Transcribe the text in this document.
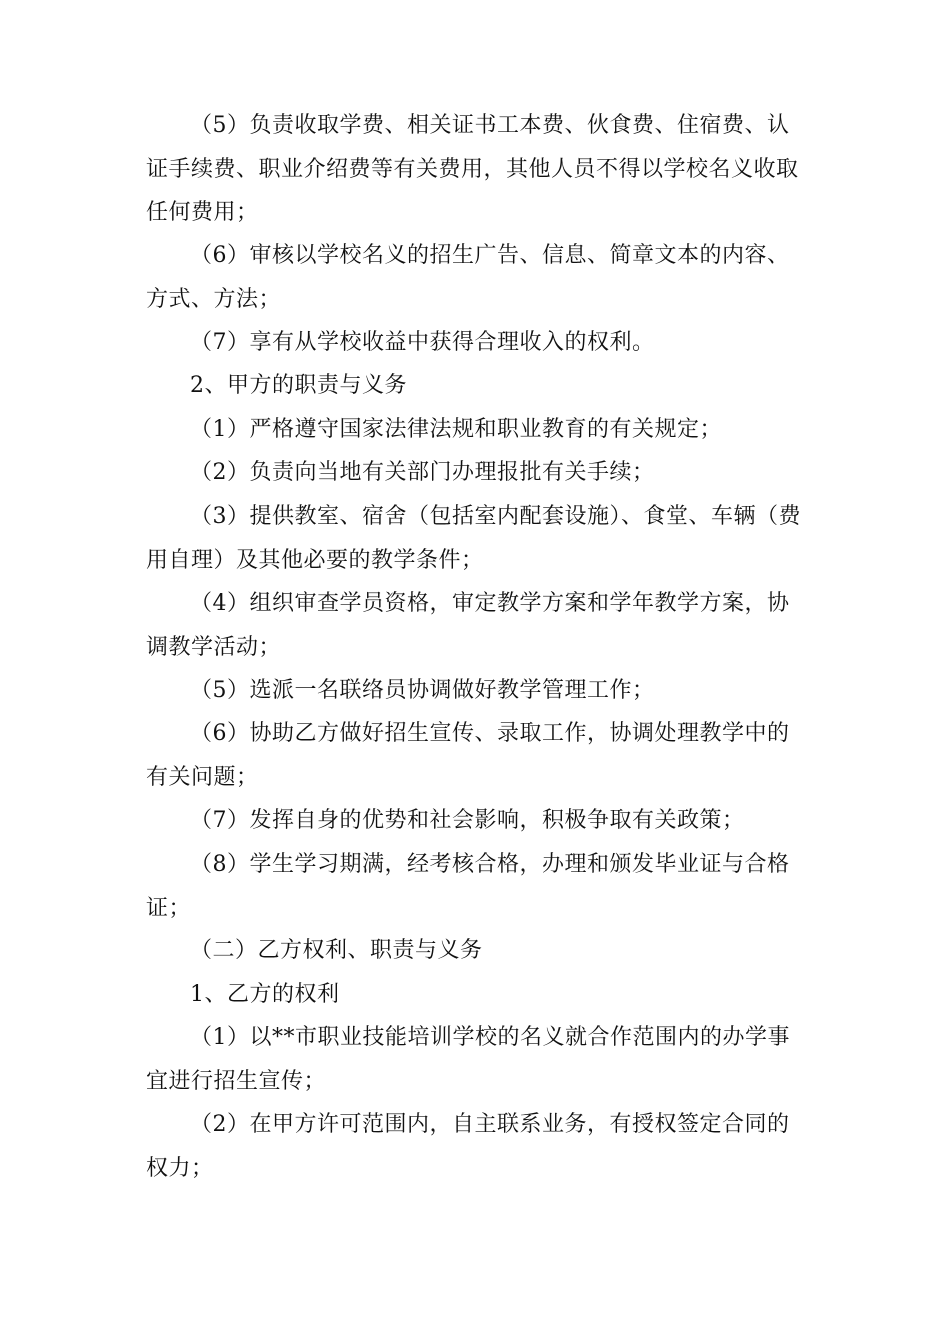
（5）负责收取学费、相关证书工本费、伙食费、住宿费、认证手续费、职业介绍费等有关费用，其他人员不得以学校名义收取任何费用；

（6）审核以学校名义的招生广告、信息、简章文本的内容、方式、方法；

（7）享有从学校收益中获得合理收入的权利。

2、甲方的职责与义务

（1）严格遵守国家法律法规和职业教育的有关规定；

（2）负责向当地有关部门办理报批有关手续；

（3）提供教室、宿舍（包括室内配套设施）、食堂、车辆（费用自理）及其他必要的教学条件；

（4）组织审查学员资格，审定教学方案和学年教学方案，协调教学活动；

（5）选派一名联络员协调做好教学管理工作；

（6）协助乙方做好招生宣传、录取工作，协调处理教学中的有关问题；

（7）发挥自身的优势和社会影响，积极争取有关政策；

（8）学生学习期满，经考核合格，办理和颁发毕业证与合格证；

（二）乙方权利、职责与义务

1、乙方的权利

（1）以**市职业技能培训学校的名义就合作范围内的办学事宜进行招生宣传；

（2）在甲方许可范围内，自主联系业务，有授权签定合同的权力；
